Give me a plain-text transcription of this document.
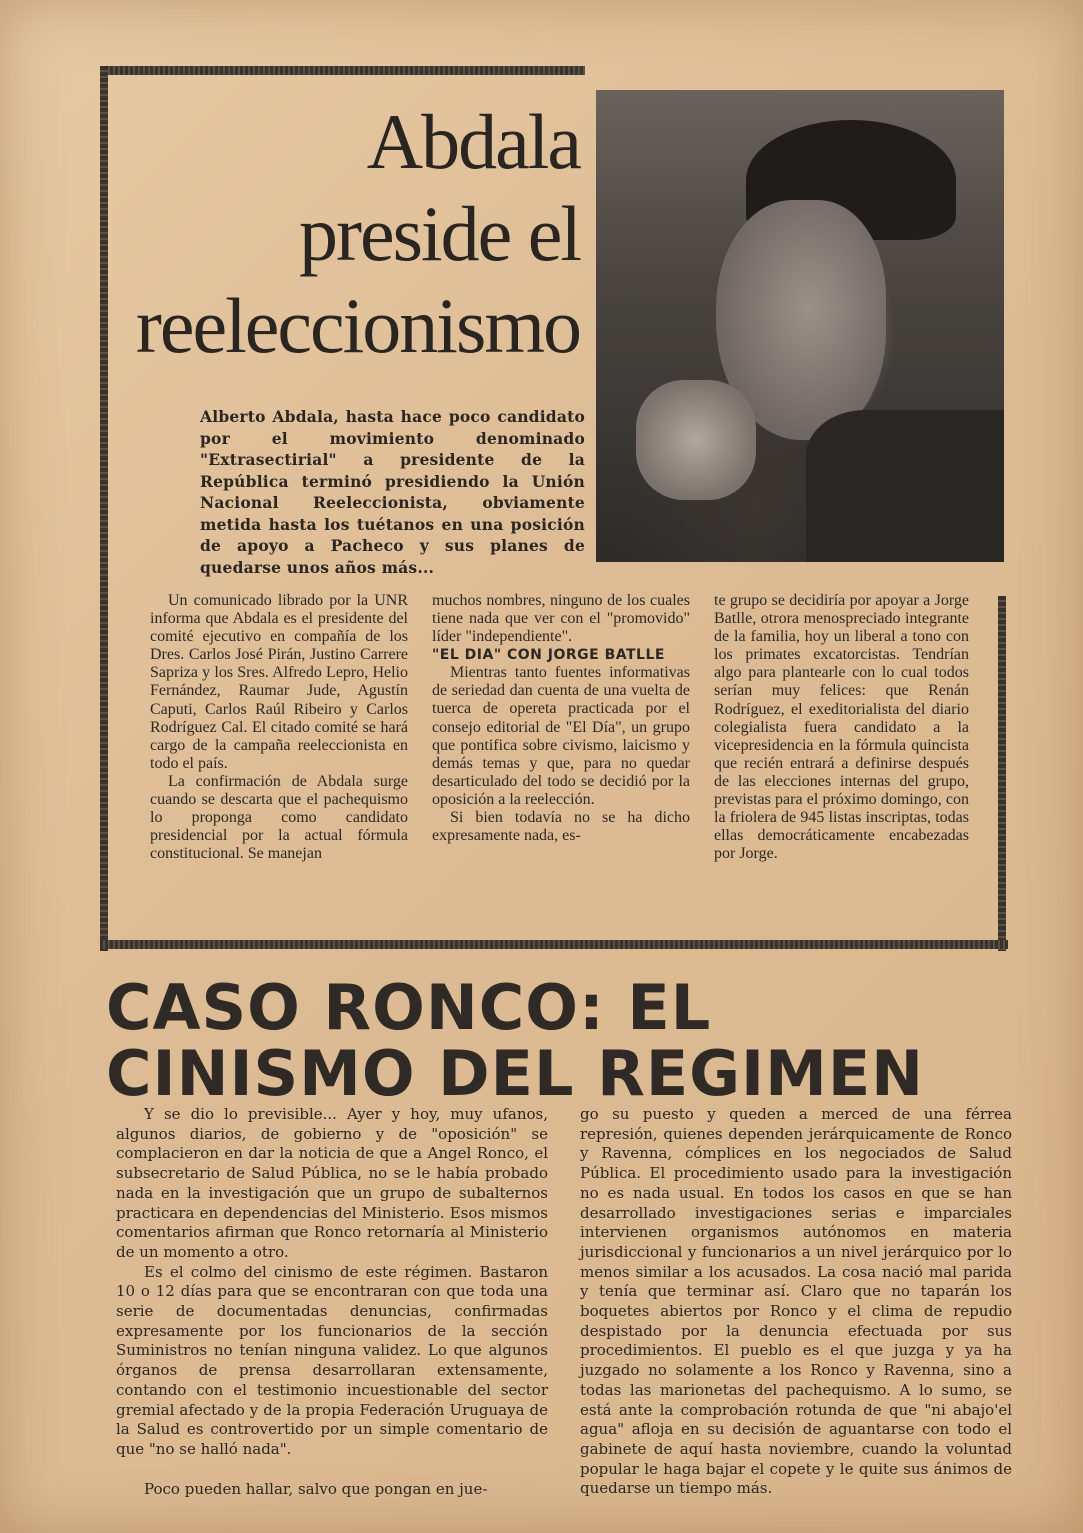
Abdala
preside el
reeleccionismo

Alberto Abdala, hasta hace poco candidato por el movimiento denominado "Extrasectirial" a presidente de la República terminó presidiendo la Unión Nacional Reeleccionista, obviamente metida hasta los tuétanos en una posición de apoyo a Pacheco y sus planes de quedarse unos años más...

Un comunicado librado por la UNR informa que Abdala es el presidente del comité ejecutivo en compañía de los Dres. Carlos José Pirán, Justino Carrere Sapriza y los Sres. Alfredo Lepro, Helio Fernández, Raumar Jude, Agustín Caputi, Carlos Raúl Ribeiro y Carlos Rodríguez Cal. El citado comité se hará cargo de la campaña reeleccionista en todo el país.

La confirmación de Abdala surge cuando se descarta que el pachequismo lo proponga como candidato presidencial por la actual fórmula constitucional. Se manejan

muchos nombres, ninguno de los cuales tiene nada que ver con el "promovido" líder "independiente".

"EL DIA" CON JORGE BATLLE

Mientras tanto fuentes informativas de seriedad dan cuenta de una vuelta de tuerca de opereta practicada por el consejo editorial de "El Día", un grupo que pontifica sobre civismo, laicismo y demás temas y que, para no quedar desarticulado del todo se decidió por la oposición a la reelección.

Si bien todavía no se ha dicho expresamente nada, es-

te grupo se decidiría por apoyar a Jorge Batlle, otrora menospreciado integrante de la familia, hoy un liberal a tono con los primates excatorcistas. Tendrían algo para plantearle con lo cual todos serían muy felices: que Renán Rodríguez, el exeditorialista del diario colegialista fuera candidato a la vicepresidencia en la fórmula quincista que recién entrará a definirse después de las elecciones internas del grupo, previstas para el próximo domingo, con la friolera de 945 listas inscriptas, todas ellas democráticamente encabezadas por Jorge.

CASO RONCO: EL
CINISMO DEL REGIMEN

Y se dio lo previsible... Ayer y hoy, muy ufanos, algunos diarios, de gobierno y de "oposición" se complacieron en dar la noticia de que a Angel Ronco, el subsecretario de Salud Pública, no se le había probado nada en la investigación que un grupo de subalternos practicara en dependencias del Ministerio. Esos mismos comentarios afirman que Ronco retornaría al Ministerio de un momento a otro.

Es el colmo del cinismo de este régimen. Bastaron 10 o 12 días para que se encontraran con que toda una serie de documentadas denuncias, confirmadas expresamente por los funcionarios de la sección Suministros no tenían ninguna validez. Lo que algunos órganos de prensa desarrollaran extensamente, contando con el testimonio incuestionable del sector gremial afectado y de la propia Federación Uruguaya de la Salud es controvertido por un simple comentario de que "no se halló nada".

Poco pueden hallar, salvo que pongan en jue-

go su puesto y queden a merced de una férrea represión, quienes dependen jerárquicamente de Ronco y Ravenna, cómplices en los negociados de Salud Pública. El procedimiento usado para la investigación no es nada usual. En todos los casos en que se han desarrollado investigaciones serias e imparciales intervienen organismos autónomos en materia jurisdiccional y funcionarios a un nivel jerárquico por lo menos similar a los acusados. La cosa nació mal parida y tenía que terminar así. Claro que no taparán los boquetes abiertos por Ronco y el clima de repudio despistado por la denuncia efectuada por sus procedimientos. El pueblo es el que juzga y ya ha juzgado no solamente a los Ronco y Ravenna, sino a todas las marionetas del pachequismo. A lo sumo, se está ante la comprobación rotunda de que "ni abajo'el agua" afloja en su decisión de aguantarse con todo el gabinete de aquí hasta noviembre, cuando la voluntad popular le haga bajar el copete y le quite sus ánimos de quedarse un tiempo más.
